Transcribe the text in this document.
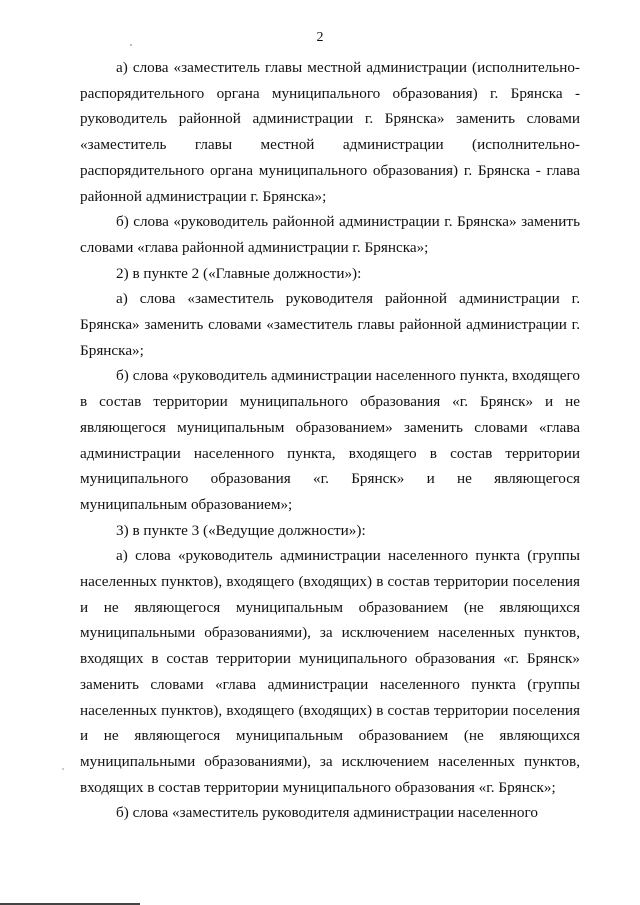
2

а) слова «заместитель главы местной администрации (исполнительно-распорядительного органа муниципального образования) г. Брянска - руководитель районной администрации г. Брянска» заменить словами «заместитель главы местной администрации (исполнительно-распорядительного органа муниципального образования) г. Брянска - глава районной администрации г. Брянска»;

б) слова «руководитель районной администрации г. Брянска» заменить словами «глава районной администрации г. Брянска»;

2) в пункте 2 («Главные должности»):

а) слова «заместитель руководителя районной администрации г. Брянска» заменить словами «заместитель главы районной администрации г. Брянска»;

б) слова «руководитель администрации населенного пункта, входящего в состав территории муниципального образования «г. Брянск» и не являющегося муниципальным образованием» заменить словами «глава администрации населенного пункта, входящего в состав территории муниципального образования «г. Брянск» и не являющегося муниципальным образованием»;

3) в пункте 3 («Ведущие должности»):

а) слова «руководитель администрации населенного пункта (группы населенных пунктов), входящего (входящих) в состав территории поселения и не являющегося муниципальным образованием (не являющихся муниципальными образованиями), за исключением населенных пунктов, входящих в состав территории муниципального образования «г. Брянск» заменить словами «глава администрации населенного пункта (группы населенных пунктов), входящего (входящих) в состав территории поселения и не являющегося муниципальным образованием (не являющихся муниципальными образованиями), за исключением населенных пунктов, входящих в состав территории муниципального образования «г. Брянск»;

б) слова «заместитель руководителя администрации населенного
